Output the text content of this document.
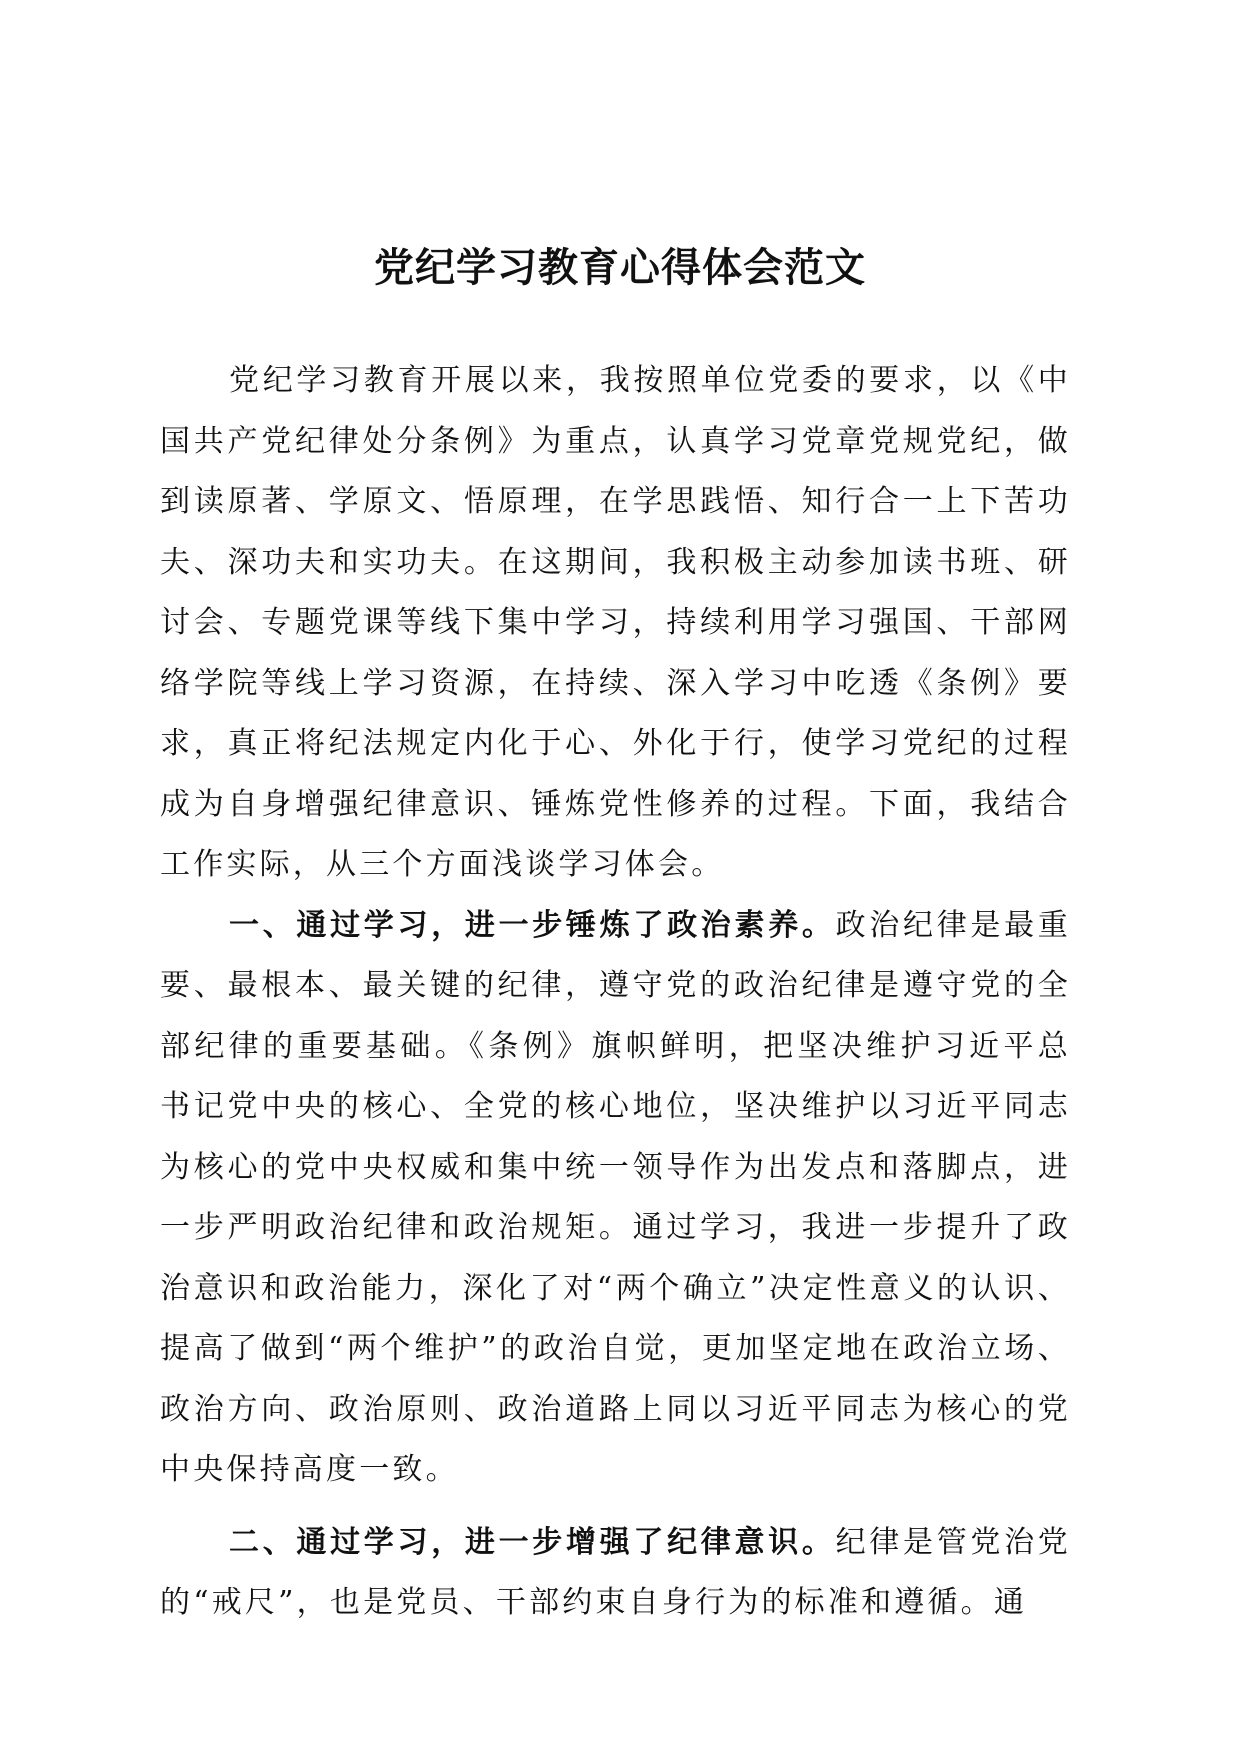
党纪学习教育心得体会范文

党纪学习教育开展以来，我按照单位党委的要求，以《中国共产党纪律处分条例》为重点，认真学习党章党规党纪，做到读原著、学原文、悟原理，在学思践悟、知行合一上下苦功夫、深功夫和实功夫。在这期间，我积极主动参加读书班、研讨会、专题党课等线下集中学习，持续利用学习强国、干部网络学院等线上学习资源，在持续、深入学习中吃透《条例》要求，真正将纪法规定内化于心、外化于行，使学习党纪的过程成为自身增强纪律意识、锤炼党性修养的过程。下面，我结合工作实际，从三个方面浅谈学习体会。

一、通过学习，进一步锤炼了政治素养。政治纪律是最重要、最根本、最关键的纪律，遵守党的政治纪律是遵守党的全部纪律的重要基础。《条例》旗帜鲜明，把坚决维护习近平总书记党中央的核心、全党的核心地位，坚决维护以习近平同志为核心的党中央权威和集中统一领导作为出发点和落脚点，进一步严明政治纪律和政治规矩。通过学习，我进一步提升了政治意识和政治能力，深化了对“两个确立”决定性意义的认识、提高了做到“两个维护”的政治自觉，更加坚定地在政治立场、政治方向、政治原则、政治道路上同以习近平同志为核心的党中央保持高度一致。

二、通过学习，进一步增强了纪律意识。纪律是管党治党的“戒尺”，也是党员、干部约束自身行为的标准和遵循。通
